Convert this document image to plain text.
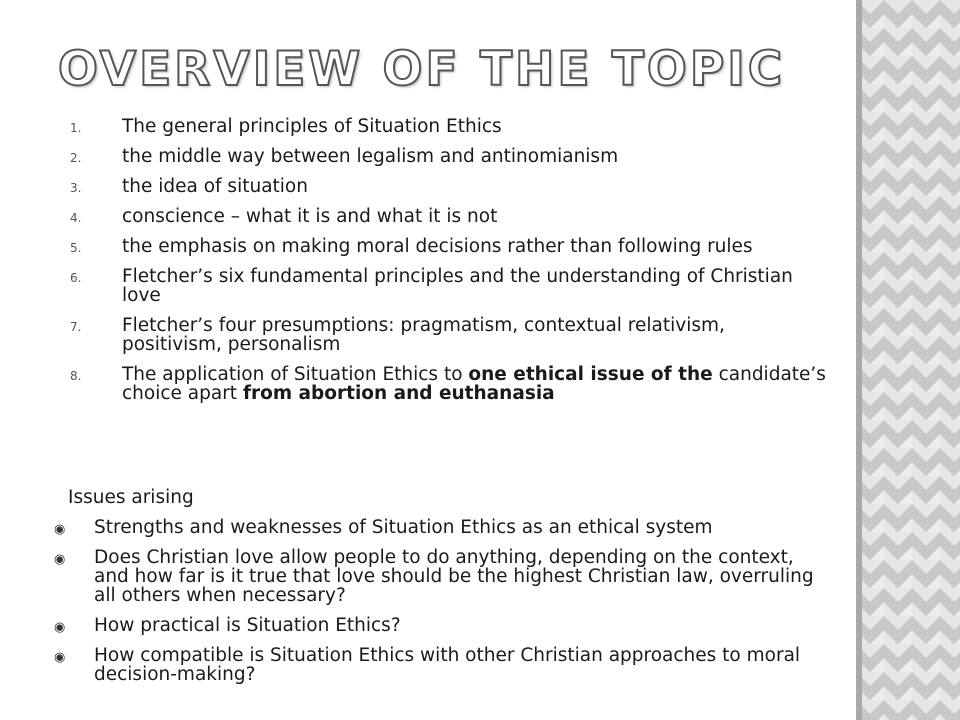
OVERVIEW OF THE TOPIC
1. The general principles of Situation Ethics
2. the middle way between legalism and antinomianism
3. the idea of situation
4. conscience – what it is and what it is not
5. the emphasis on making moral decisions rather than following rules
6. Fletcher’s six fundamental principles and the understanding of Christian love
7. Fletcher’s four presumptions: pragmatism, contextual relativism, positivism, personalism
8. The application of Situation Ethics to one ethical issue of the candidate’s choice apart from abortion and euthanasia
Issues arising
◉ Strengths and weaknesses of Situation Ethics as an ethical system
◉ Does Christian love allow people to do anything, depending on the context, and how far is it true that love should be the highest Christian law, overruling all others when necessary?
◉ How practical is Situation Ethics?
◉ How compatible is Situation Ethics with other Christian approaches to moral decision-making?
